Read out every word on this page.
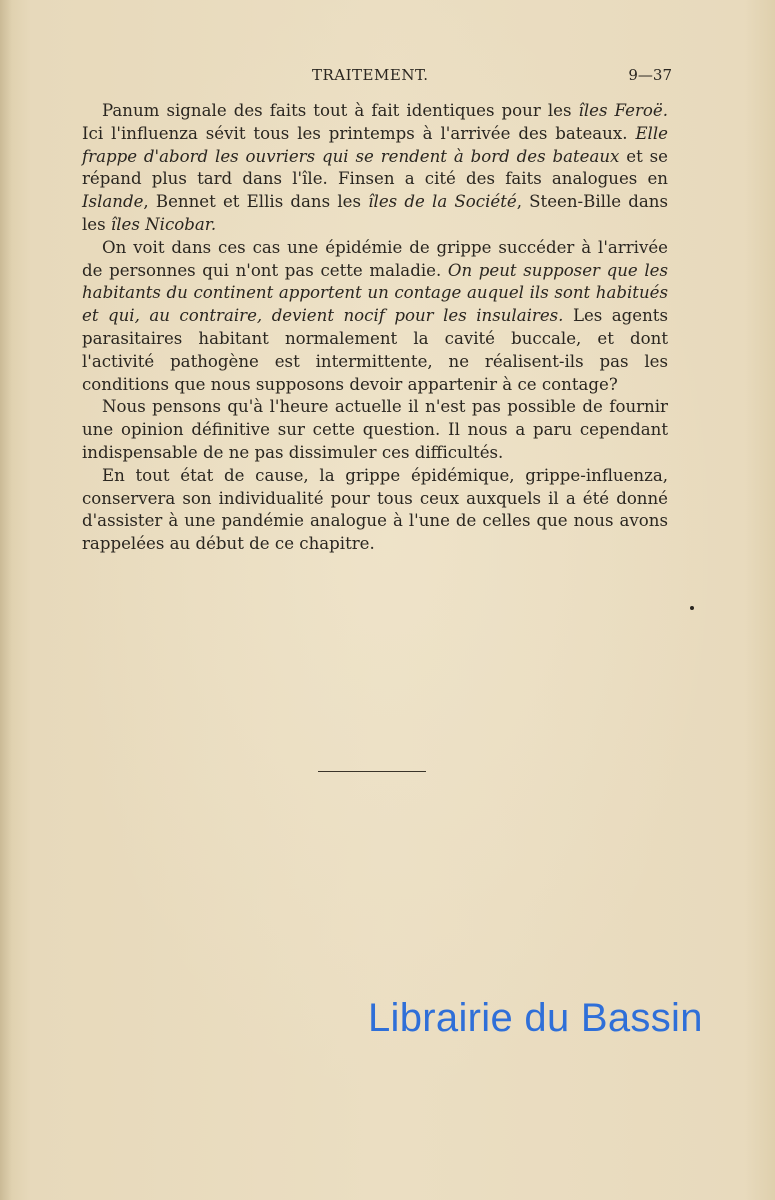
TRAITEMENT.	9—37

Panum signale des faits tout à fait identiques pour les îles Feroë. Ici l'influenza sévit tous les printemps à l'arrivée des bateaux. Elle frappe d'abord les ouvriers qui se rendent à bord des bateaux et se répand plus tard dans l'île. Finsen a cité des faits analogues en Islande, Bennet et Ellis dans les îles de la Société, Steen-Bille dans les îles Nicobar.

On voit dans ces cas une épidémie de grippe succéder à l'arrivée de personnes qui n'ont pas cette maladie. On peut supposer que les habitants du continent apportent un contage auquel ils sont habitués et qui, au contraire, devient nocif pour les insulaires. Les agents parasitaires habitant normalement la cavité buccale, et dont l'activité pathogène est intermittente, ne réalisent-ils pas les conditions que nous supposons devoir appartenir à ce contage?

Nous pensons qu'à l'heure actuelle il n'est pas possible de fournir une opinion définitive sur cette question. Il nous a paru cependant indispensable de ne pas dissimuler ces difficultés.

En tout état de cause, la grippe épidémique, grippe-influenza, conservera son individualité pour tous ceux auxquels il a été donné d'assister à une pandémie analogue à l'une de celles que nous avons rappelées au début de ce chapitre.

Librairie du Bassin
